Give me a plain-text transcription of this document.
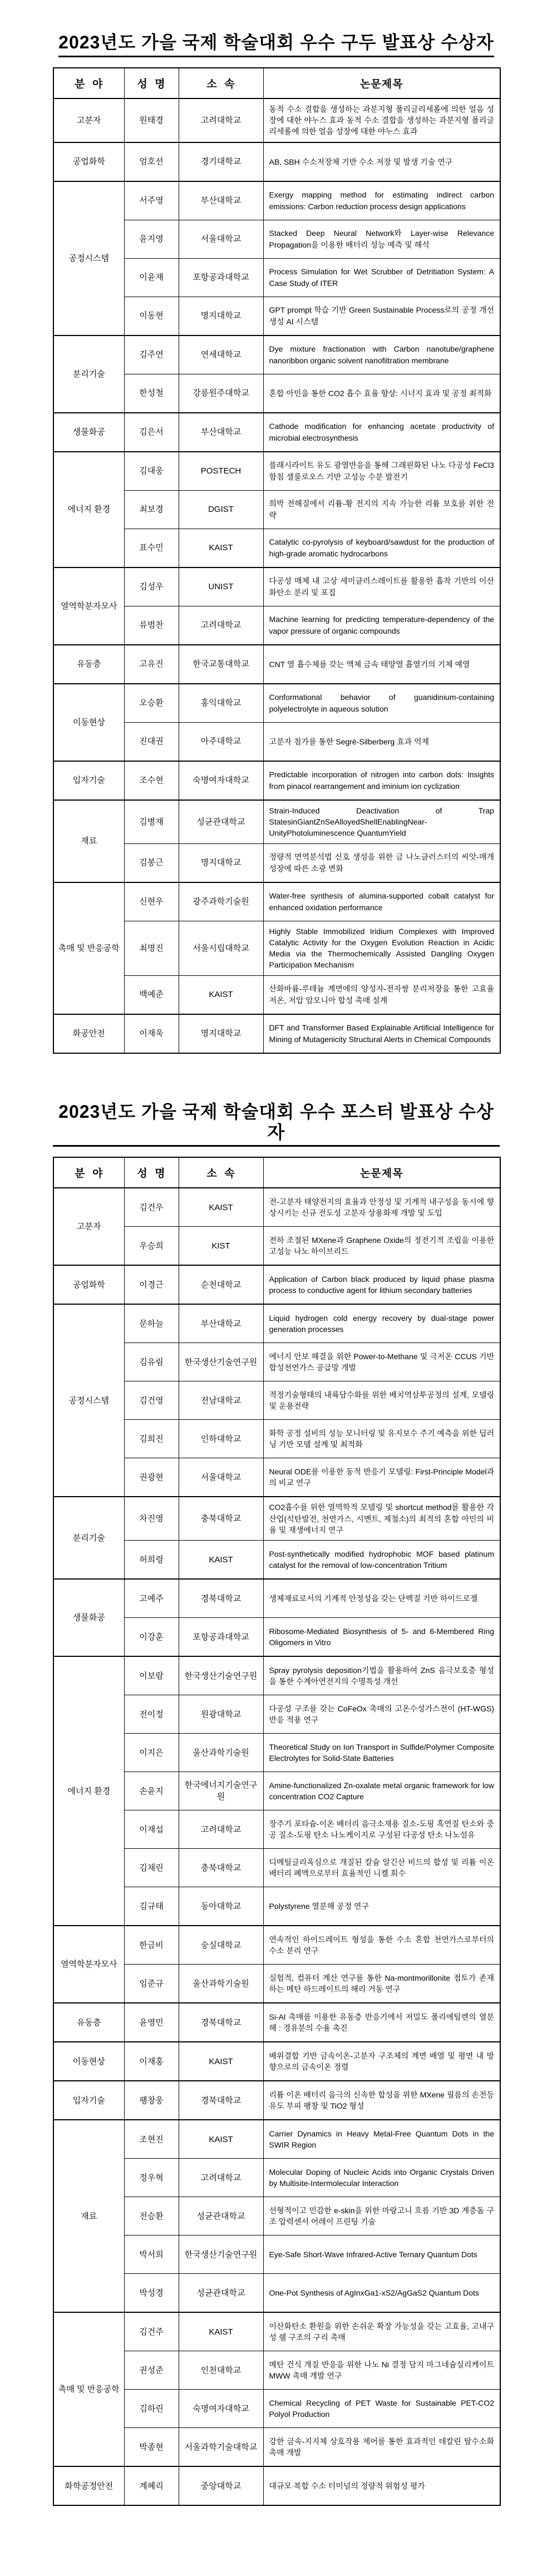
2023년도 가을 국제 학술대회 우수 구두 발표상 수상자
분  야	성  명	소  속	논문제목
고분자	원태경	고려대학교	동적 수소 결합을 생성하는 과분지형 폴리글리세롤에 의한 얼음 성장에 대한 야누스 효과 동적 수소 결합을 생성하는 과분지형 폴리글리세롤에 의한 얼음 성장에 대한 야누스 효과
공업화학	엄호선	경기대학교	AB, SBH 수소저장체 기반 수소 저장 및 발생 기술 연구
공정시스템	서주영	부산대학교	Exergy mapping method for estimating indirect carbon emissions: Carbon reduction process design applications
	윤지영	서울대학교	Stacked Deep Neural Network와 Layer-wise Relevance Propagation을 이용한 배터리 성능 예측 및 해석
	이윤재	포항공과대학교	Process Simulation for Wet Scrubber of Detritiation System: A Case Study of ITER
	이동현	명지대학교	GPT prompt 학습 기반 Green Sustainable Process로의 공정 개선 생성 AI 시스템
분리기술	김주연	연세대학교	Dye mixture fractionation with Carbon nanotube/graphene nanoribbon organic solvent nanofiltration membrane
	한성철	강릉원주대학교	혼합 아민을 통한 CO2 흡수 효율 향상: 시너지 효과 및 공정 최적화
생물화공	김은서	부산대학교	Cathode modification for enhancing acetate productivity of microbial electrosynthesis
에너지 환경	김대웅	POSTECH	플래시라이트 유도 광열반응을 통해 그래핀화된 나노 다공성 FeCl3 함침 셀룰로오스 기반 고성능 수분 발전기
	최보경	DGIST	희박 전해질에서 리튬-황 전지의 지속 가능한 리튬 보호를 위한 전략
	표수민	KAIST	Catalytic co-pyrolysis of keyboard/sawdust for the production of high-grade aromatic hydrocarbons
열역학분자모사	김성우	UNIST	다공성 매체 내 고상 세미클러스레이트를 활용한 흡착 기반의 이산화탄소 분리 및 포집
	류범찬	고려대학교	Machine learning for predicting temperature-dependency of the vapor pressure of organic compounds
유동층	고유진	한국교통대학교	CNT 열 흡수체를 갖는 액체 금속 태양열 흡열기의 기체 예열
이동현상	오승환	홍익대학교	Conformational behavior of guanidinium-containing polyelectrolyte in aqueous solution
	진대권	아주대학교	고분자 첨가를 통한 Segré-Silberberg 효과 억제
입자기술	조수현	숙명여자대학교	Predictable incorporation of nitrogen into carbon dots: Insights from pinacol rearrangement and iminium ion cyclization
재료	김병재	성균관대학교	Strain-Induced Deactivation of Trap StatesinGiantZnSeAlloyedShellEnablingNear-UnityPhotoluminescence QuantumYield
	김봉근	명지대학교	정량적 면역분석법 신호 생성을 위한 금 나노클러스터의 씨앗-매개 성장에 따른 소광 변화
촉매 및 반응공학	신현우	광주과학기술원	Water-free synthesis of alumina-supported cobalt catalyst for enhanced oxidation performance
	최명진	서울시립대학교	Highly Stable Immobilized Iridium Complexes with Improved Catalytic Activity for the Oxygen Evolution Reaction in Acidic Media via the Thermochemically Assisted Dangling Oxygen Participation Mechanism
	백예준	KAIST	산화바륨-루테늄 계면에의 양성자-전자쌍 분리저장을 통한 고효율 저온, 저압 암모니아 합성 촉매 설계
화공안전	이재욱	명지대학교	DFT and Transformer Based Explainable Artificial Intelligence for Mining of Mutagenicity Structural Alerts in Chemical Compounds
2023년도 가을 국제 학술대회 우수 포스터 발표상 수상자
분  야	성  명	소  속	논문제목
고분자	김건우	KAIST	전-고분자 태양전지의 효율과 안정성 및 기계적 내구성을 동시에 향상시키는 신규 전도성 고분자 상용화제 개발 및 도입
	우승희	KIST	전하 조절된 MXene과 Graphene Oxide의 정전기적 조립을 이용한 고성능 나노 하이브리드
공업화학	이경근	순천대학교	Application of Carbon black produced by liquid phase plasma process to conductive agent for lithium secondary batteries
공정시스템	문하늘	부산대학교	Liquid hydrogen cold energy recovery by dual-stage power generation processes
	김유림	한국생산기술연구원	에너지 안보 해결을 위한 Power-to-Methane 및 극저온 CCUS 기반 합성천연가스 공급망 개발
	김건영	전남대학교	적정기술형태의 내륙담수화를 위한 배치역삼투공정의 설계, 모델링 및 운용전략
	김희진	인하대학교	화학 공정 설비의 성능 모니터링 및 유지보수 주기 예측을 위한 딥러닝 기반 모델 설계 및 최적화
	권광현	서울대학교	Neural ODE를 이용한 동적 반응기 모델링: First-Principle Model과의 비교 연구
분리기술	차진영	충북대학교	CO2흡수를 위한 열역학적 모델링 및 shortcut method를 활용한 각 산업(석탄발전, 천연가스, 시멘트, 제철소)의 최적의 혼합 아민의 비율 및 재생에너지 연구
	허희령	KAIST	Post-synthetically modified hydrophobic MOF based platinum catalyst for the removal of low-concentration Tritium
생물화공	고예주	경북대학교	생체재료로서의 기계적 안정성을 갖는 단백질 기반 하이드로젤
	이강훈	포항공과대학교	Ribosome-Mediated Biosynthesis of 5- and 6-Membered Ring Oligomers in Vitro
에너지 환경	이보람	한국생산기술연구원	Spray pyrolysis deposition기법을 활용하여 ZnS 음극보호층 형성을 통한 수계아연전지의 수명특성 개선
	전이정	원광대학교	다공성 구조를 갖는 CoFeOx 촉매의 고온수성가스전이 (HT-WGS)반응 적용 연구
	이지은	울산과학기술원	Theoretical Study on Ion Transport in Sulfide/Polymer Composite Electrolytes for Solid-State Batteries
	손윤지	한국에너지기술연구원	Amine-functionalized Zn-oxalate metal organic framework for low concentration CO2 Capture
	이재섭	고려대학교	장주기 포타슘-이온 배터리 음극소재용 질소-도핑 흑연질 탄소와 중공 질소-도핑 탄소 나노케이지로 구성된 다공성 탄소 나노섬유
	김채린	충북대학교	디메틸글리옥심으로 개질된 칼슘 알긴산 비드의 합성 및 리튬 이온 배터리 폐액으로부터 효율적인 니켈 회수
	김규태	동아대학교	Polystyrene 열분해 공정 연구
열역학분자모사	한금비	숭실대학교	연속적인 하이드레이트 형성을 통한 수소 혼합 천연가스로부터의 수소 분리 연구
	임준규	울산과학기술원	실험적, 컴퓨터 계산 연구를 통한 Na-montmorillonite 점토가 존재하는 메탄 하드레이트의 해리 거동 연구
유동층	윤영민	경북대학교	Si-Al 촉매를 이용한 유동층 반응기에서 저밀도 폴리에틸렌의 열분해 : 경유분의 수율 촉진
이동현상	이재홍	KAIST	배위결합 기반 금속이온-고분자 구조체의 계면 배열 및 평면 내 방향으로의 금속이온 정렬
입자기술	팽창웅	경북대학교	리튬 이온 배터리 음극의 신속한 합성을 위한 MXene 필름의 손전등 유도 부피 팽창 및 TiO2 형성
재료	조현진	KAIST	Carrier Dynamics in Heavy Metal-Free Quantum Dots in the SWIR Region
	정우혁	고려대학교	Molecular Doping of Nucleic Acids into Organic Crystals Driven by Multisite-Intermolecular Interaction
	전승환	성균관대학교	선형적이고 민감한 e-skin을 위한 마랑고니 흐름 기반 3D 계층돔 구조 압력센서 어레이 프린팅 기술
	박서희	한국생산기술연구원	Eye-Safe Short-Wave Infrared-Active Ternary Quantum Dots
	박성경	성균관대학교	One-Pot Synthesis of AgInxGa1-xS2/AgGaS2 Quantum Dots
촉매 및 반응공학	김건주	KAIST	이산화탄소 환원을 위한 손쉬운 확장 가능성을 갖는 고효율, 고내구성 쉘 구조의 구리 촉매
	권성준	인천대학교	메탄 건식 개질 반응을 위한 나노 Ni 결정 담지 마그네슘실리케이트 MWW 촉매 개발 연구
	김하린	숙명여자대학교	Chemical Recycling of PET Waste for Sustainable PET-CO2 Polyol Production
	박종현	서울과학기술대학교	강한 금속-지지체 상호작용 제어를 통한 효과적인 데칼린 탈수소화 촉매 개발
화학공정안전	계혜리	중앙대학교	대규모 복합 수소 터미널의 정량적 위험성 평가
